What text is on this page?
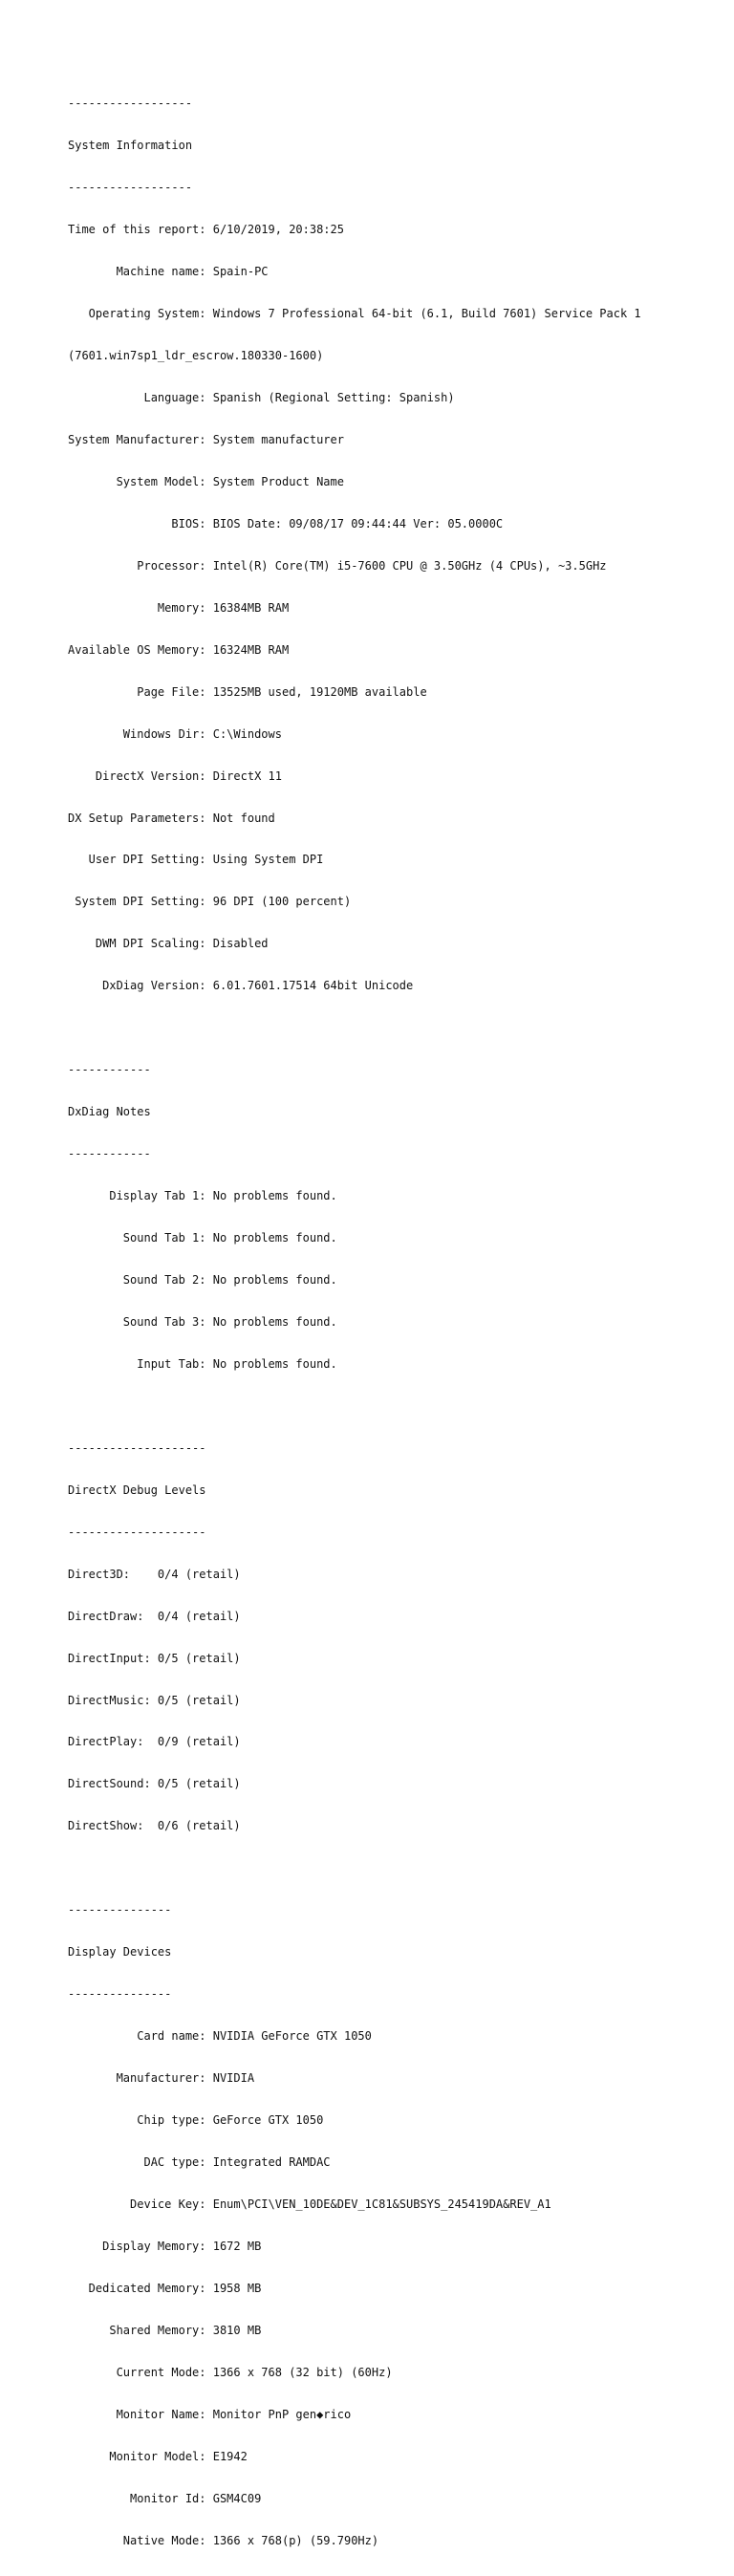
------------------

System Information

------------------

Time of this report: 6/10/2019, 20:38:25

Machine name: Spain-PC

Operating System: Windows 7 Professional 64-bit (6.1, Build 7601) Service Pack 1

(7601.win7sp1_ldr_escrow.180330-1600)

Language: Spanish (Regional Setting: Spanish)

System Manufacturer: System manufacturer

System Model: System Product Name

BIOS: BIOS Date: 09/08/17 09:44:44 Ver: 05.0000C

Processor: Intel(R) Core(TM) i5-7600 CPU @ 3.50GHz (4 CPUs), ~3.5GHz

Memory: 16384MB RAM

Available OS Memory: 16324MB RAM

Page File: 13525MB used, 19120MB available

Windows Dir: C:\Windows

DirectX Version: DirectX 11

DX Setup Parameters: Not found

User DPI Setting: Using System DPI

System DPI Setting: 96 DPI (100 percent)

DWM DPI Scaling: Disabled

DxDiag Version: 6.01.7601.17514 64bit Unicode

------------

DxDiag Notes

------------

Display Tab 1: No problems found.

Sound Tab 1: No problems found.

Sound Tab 2: No problems found.

Sound Tab 3: No problems found.

Input Tab: No problems found.

--------------------

DirectX Debug Levels

--------------------

Direct3D:    0/4 (retail)

DirectDraw:  0/4 (retail)

DirectInput: 0/5 (retail)

DirectMusic: 0/5 (retail)

DirectPlay:  0/9 (retail)

DirectSound: 0/5 (retail)

DirectShow:  0/6 (retail)

---------------

Display Devices

---------------

Card name: NVIDIA GeForce GTX 1050

Manufacturer: NVIDIA

Chip type: GeForce GTX 1050

DAC type: Integrated RAMDAC

Device Key: Enum\PCI\VEN_10DE&DEV_1C81&SUBSYS_245419DA&REV_A1

Display Memory: 1672 MB

Dedicated Memory: 1958 MB

Shared Memory: 3810 MB

Current Mode: 1366 x 768 (32 bit) (60Hz)

Monitor Name: Monitor PnP gen◆rico

Monitor Model: E1942

Monitor Id: GSM4C09

Native Mode: 1366 x 768(p) (59.790Hz)
